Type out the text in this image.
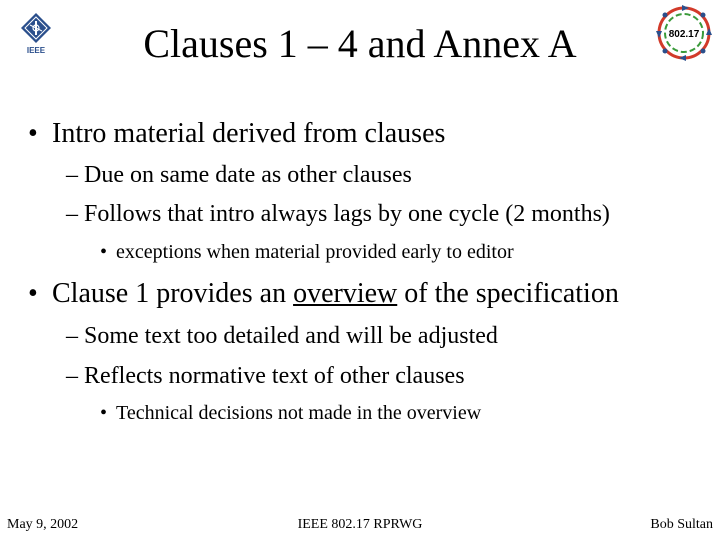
IEEE
802.17
Clauses 1 – 4 and Annex A
• Intro material derived from clauses
– Due on same date as other clauses
– Follows that intro always lags by one cycle (2 months)
• exceptions when material provided early to editor
• Clause 1 provides an overview of the specification
– Some text too detailed and will be adjusted
– Reflects normative text of other clauses
• Technical decisions not made in the overview
May 9, 2002	IEEE 802.17 RPRWG	Bob Sultan
